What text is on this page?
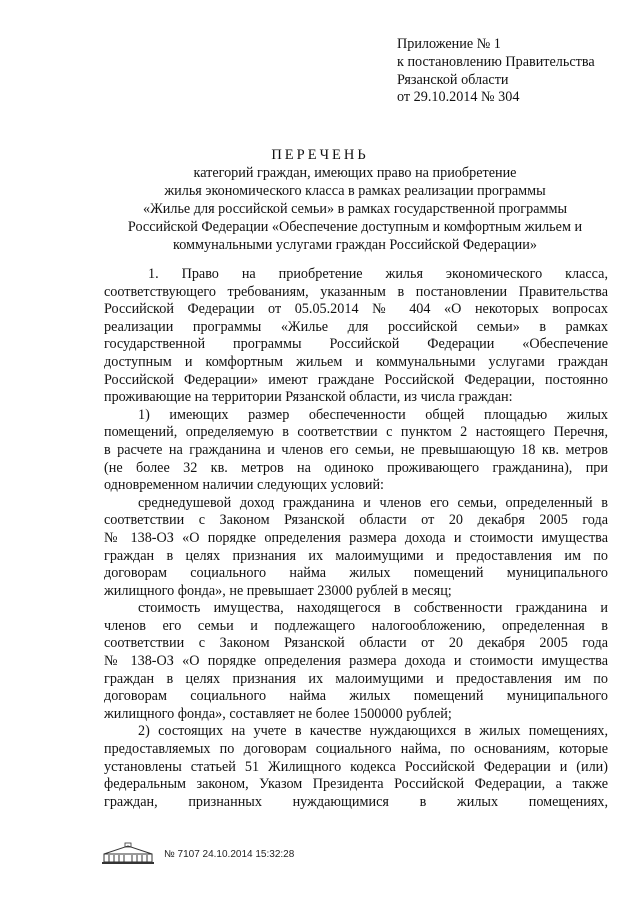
Приложение № 1
к постановлению Правительства
Рязанской области
от 29.10.2014 № 304
ПЕРЕЧЕНЬ
категорий граждан, имеющих право на приобретение
жилья экономического класса в рамках реализации программы
«Жилье для российской семьи» в рамках государственной программы
Российской Федерации «Обеспечение доступным и комфортным жильем и
коммунальными услугами граждан Российской Федерации»
1. Право на приобретение жилья экономического класса,
соответствующего требованиям, указанным в постановлении Правительства
Российской Федерации от 05.05.2014 № 404 «О некоторых вопросах
реализации программы «Жилье для российской семьи» в рамках
государственной программы Российской Федерации «Обеспечение
доступным и комфортным жильем и коммунальными услугами граждан
Российской Федерации» имеют граждане Российской Федерации, постоянно
проживающие на территории Рязанской области, из числа граждан:
1) имеющих размер обеспеченности общей площадью жилых
помещений, определяемую в соответствии с пунктом 2 настоящего Перечня,
в расчете на гражданина и членов его семьи, не превышающую 18 кв. метров
(не более 32 кв. метров на одиноко проживающего гражданина), при
одновременном наличии следующих условий:
среднедушевой доход гражданина и членов его семьи, определенный в
соответствии с Законом Рязанской области от 20 декабря 2005 года
№ 138-ОЗ «О порядке определения размера дохода и стоимости имущества
граждан в целях признания их малоимущими и предоставления им по
договорам социального найма жилых помещений муниципального
жилищного фонда», не превышает 23000 рублей в месяц;
стоимость имущества, находящегося в собственности гражданина и
членов его семьи и подлежащего налогообложению, определенная в
соответствии с Законом Рязанской области от 20 декабря 2005 года
№ 138-ОЗ «О порядке определения размера дохода и стоимости имущества
граждан в целях признания их малоимущими и предоставления им по
договорам социального найма жилых помещений муниципального
жилищного фонда», составляет не более 1500000 рублей;
2) состоящих на учете в качестве нуждающихся в жилых помещениях,
предоставляемых по договорам социального найма, по основаниям, которые
установлены статьей 51 Жилищного кодекса Российской Федерации и (или)
федеральным законом, Указом Президента Российской Федерации, а также
граждан, признанных нуждающимися в жилых помещениях,
№ 7107 24.10.2014 15:32:28
